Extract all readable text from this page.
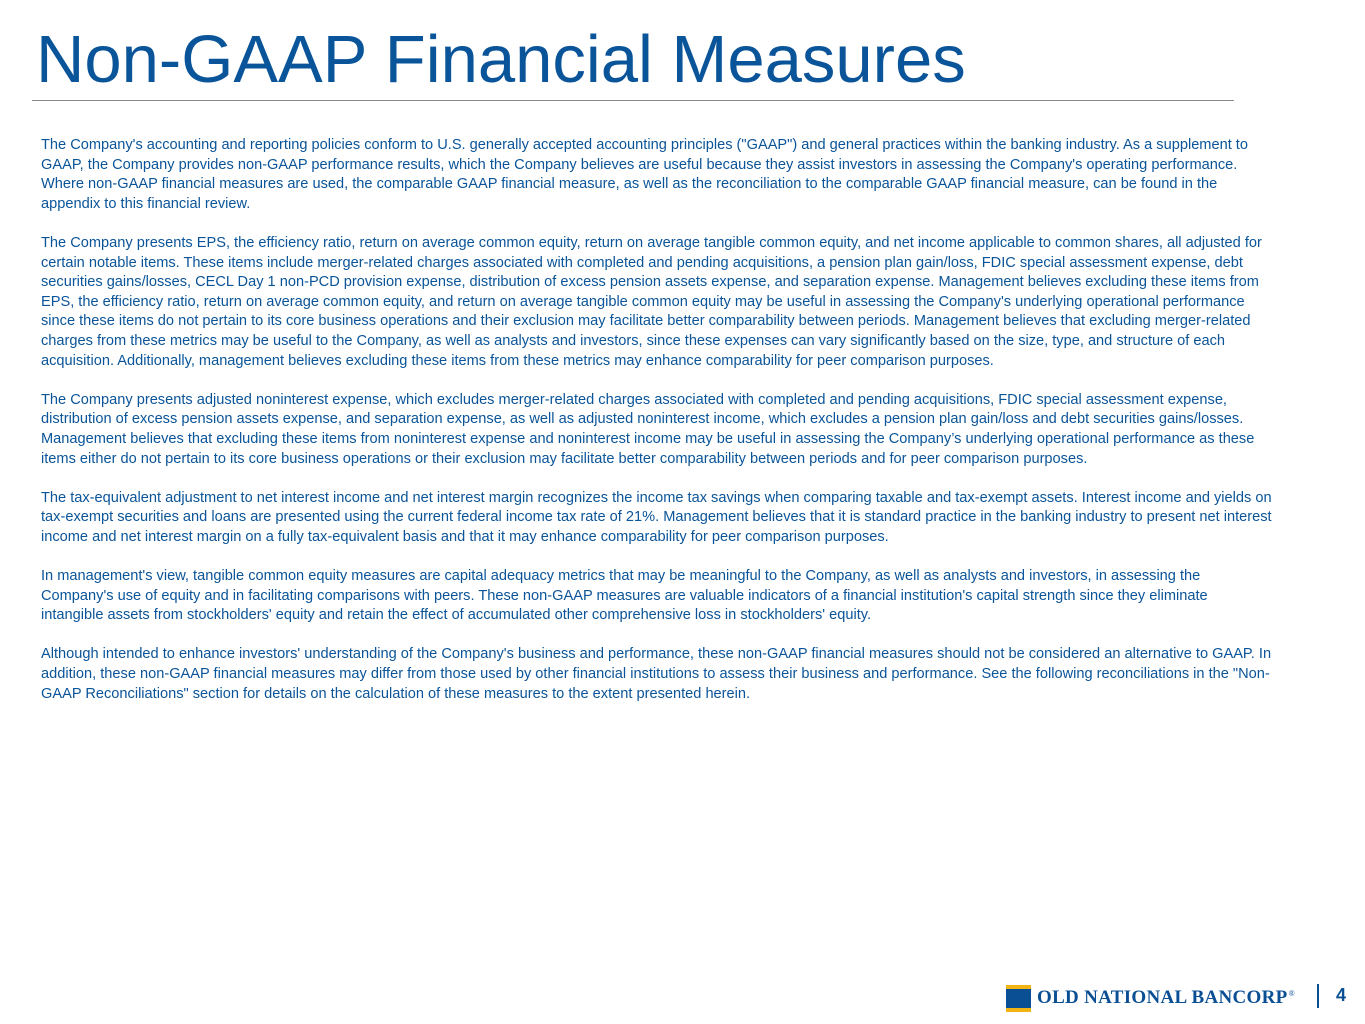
Non-GAAP Financial Measures

The Company's accounting and reporting policies conform to U.S. generally accepted accounting principles ("GAAP") and general practices within the banking industry. As a supplement to GAAP, the Company provides non-GAAP performance results, which the Company believes are useful because they assist investors in assessing the Company's operating performance. Where non-GAAP financial measures are used, the comparable GAAP financial measure, as well as the reconciliation to the comparable GAAP financial measure, can be found in the appendix to this financial review.

The Company presents EPS, the efficiency ratio, return on average common equity, return on average tangible common equity, and net income applicable to common shares, all adjusted for certain notable items. These items include merger-related charges associated with completed and pending acquisitions, a pension plan gain/loss, FDIC special assessment expense, debt securities gains/losses, CECL Day 1 non-PCD provision expense, distribution of excess pension assets expense, and separation expense. Management believes excluding these items from EPS, the efficiency ratio, return on average common equity, and return on average tangible common equity may be useful in assessing the Company's underlying operational performance since these items do not pertain to its core business operations and their exclusion may facilitate better comparability between periods. Management believes that excluding merger-related charges from these metrics may be useful to the Company, as well as analysts and investors, since these expenses can vary significantly based on the size, type, and structure of each acquisition. Additionally, management believes excluding these items from these metrics may enhance comparability for peer comparison purposes.

The Company presents adjusted noninterest expense, which excludes merger-related charges associated with completed and pending acquisitions, FDIC special assessment expense, distribution of excess pension assets expense, and separation expense, as well as adjusted noninterest income, which excludes a pension plan gain/loss and debt securities gains/losses. Management believes that excluding these items from noninterest expense and noninterest income may be useful in assessing the Company’s underlying operational performance as these items either do not pertain to its core business operations or their exclusion may facilitate better comparability between periods and for peer comparison purposes.

The tax-equivalent adjustment to net interest income and net interest margin recognizes the income tax savings when comparing taxable and tax-exempt assets. Interest income and yields on tax-exempt securities and loans are presented using the current federal income tax rate of 21%. Management believes that it is standard practice in the banking industry to present net interest income and net interest margin on a fully tax-equivalent basis and that it may enhance comparability for peer comparison purposes.

In management's view, tangible common equity measures are capital adequacy metrics that may be meaningful to the Company, as well as analysts and investors, in assessing the Company's use of equity and in facilitating comparisons with peers. These non-GAAP measures are valuable indicators of a financial institution's capital strength since they eliminate intangible assets from stockholders' equity and retain the effect of accumulated other comprehensive loss in stockholders' equity.

Although intended to enhance investors' understanding of the Company's business and performance, these non-GAAP financial measures should not be considered an alternative to GAAP. In addition, these non-GAAP financial measures may differ from those used by other financial institutions to assess their business and performance. See the following reconciliations in the "Non-GAAP Reconciliations" section for details on the calculation of these measures to the extent presented herein.

OLD NATIONAL BANCORP ® 4
